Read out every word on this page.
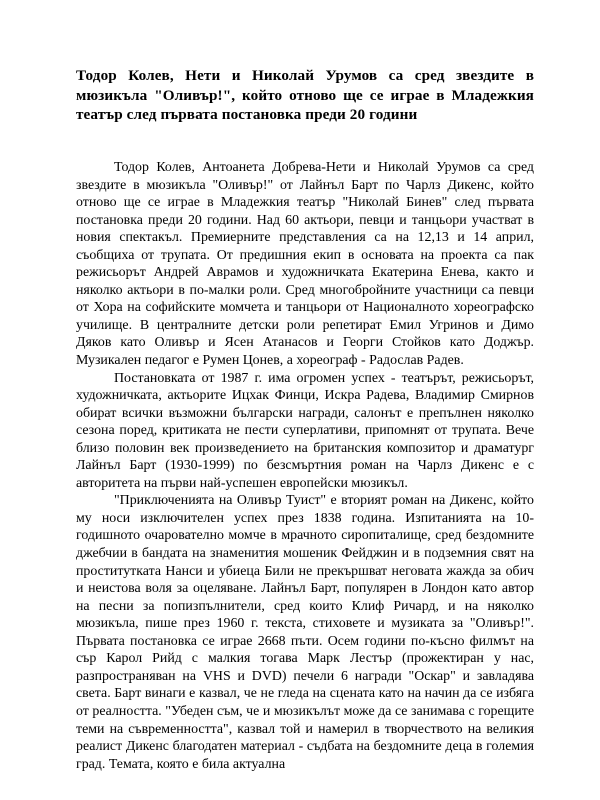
Тодор Колев, Нети и Николай Урумов са сред звездите в мюзикъла "Оливър!", който отново ще се играе в Младежкия театър след първата постановка преди 20 години

Тодор Колев, Антоанета Добрева-Нети и Николай Урумов са сред звездите в мюзикъла "Оливър!" от Лайнъл Барт по Чарлз Дикенс, който отново ще се играе в Младежкия театър "Николай Бинев" след първата постановка преди 20 години. Над 60 актьори, певци и танцьори участват в новия спектакъл. Премиерните представления са на 12,13 и 14 април, съобщиха от трупата. От предишния екип в основата на проекта са пак режисьорът Андрей Аврамов и художничката Екатерина Енева, както и няколко актьори в по-малки роли. Сред многобройните участници са певци от Хора на софийските момчета и танцьори от Националното хореографско училище. В централните детски роли репетират Емил Угринов и Димо Дяков като Оливър и Ясен Атанасов и Георги Стойков като Доджър. Музикален педагог е Румен Цонев, а хореограф - Радослав Радев.

Постановката от 1987 г. има огромен успех - театърът, режисьорът, художничката, актьорите Ицхак Финци, Искра Радева, Владимир Смирнов обират всички възможни български награди, салонът е препълнен няколко сезона поред, критиката не пести суперлативи, припомнят от трупата. Вече близо половин век произведението на британския композитор и драматург Лайнъл Барт (1930-1999) по безсмъртния роман на Чарлз Дикенс е с авторитета на първи най-успешен европейски мюзикъл.

"Приключенията на Оливър Туист" е вторият роман на Дикенс, който му носи изключителен успех през 1838 година. Изпитанията на 10-годишното очароватeлно момче в мрачното сиропиталище, сред бездомните джебчии в бандата на знаменития мошеник Фейджин и в подземния свят на проститутката Нанси и убиеца Били не прекършват неговата жажда за обич и неистова воля за оцеляване. Лайнъл Барт, популярен в Лондон като автор на песни за попизпълнители, сред които Клиф Ричард, и на няколко мюзикъла, пише през 1960 г. текста, стиховете и музиката за "Оливър!". Първата постановка се играе 2668 пъти. Осем години по-късно филмът на сър Карол Рийд с малкия тогава Марк Лестър (прожектиран у нас, разпространяван на VHS и DVD) печели 6 награди "Оскар" и завладява света. Барт винаги е казвал, че не гледа на сцената като на начин да се избяга от реалността. "Убеден съм, че и мюзикълът може да се занимава с горещите теми на съвременността", казвал той и намерил в творчеството на великия реалист Дикенс благодатен материал - съдбата на бездомните деца в големия град. Темата, която е била актуална
